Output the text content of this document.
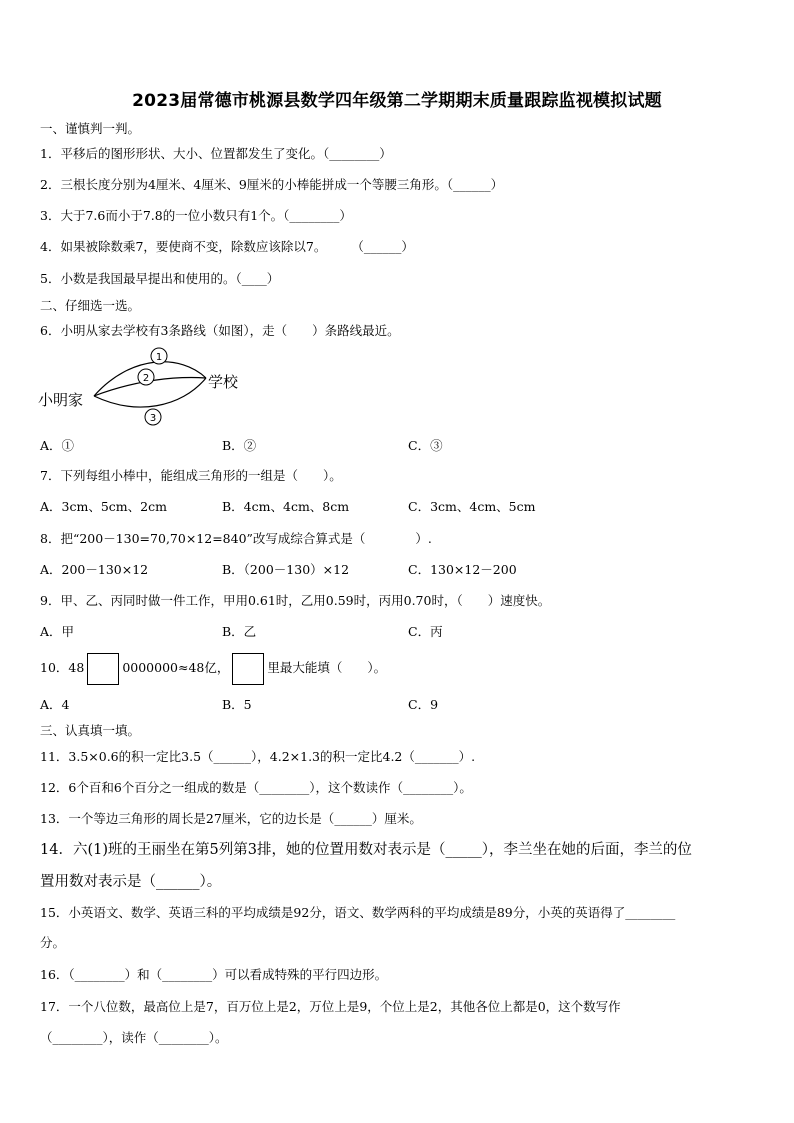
2023届常德市桃源县数学四年级第二学期期末质量跟踪监视模拟试题
一、谨慎判一判。
1．平移后的图形形状、大小、位置都发生了变化。（________）
2．三根长度分别为4厘米、4厘米、9厘米的小棒能拼成一个等腰三角形。（______）
3．大于7.6而小于7.8的一位小数只有1个。（________）
4．如果被除数乘7，要使商不变，除数应该除以7。　　　（______）
5．小数是我国最早提出和使用的。（____）
二、仔细选一选。
6．小明从家去学校有3条路线（如图），走（　　）条路线最近。
1
2
3
小明家
学校
A．①	B．②	C．③
7．下列每组小棒中，能组成三角形的一组是（　　）。
A．3cm、5cm、2cm	B．4cm、4cm、8cm	C．3cm、4cm、5cm
8．把“200－130=70,70×12=840”改写成综合算式是（　　　　）.
A．200－130×12	B．（200－130）×12	C．130×12－200
9．甲、乙、丙同时做一件工作，甲用0.61时，乙用0.59时，丙用0.70时，（　　）速度快。
A．甲	B．乙	C．丙
10．48	0000000≈48亿，	里最大能填（　　）。
A．4	B．5	C．9
三、认真填一填。
11．3.5×0.6的积一定比3.5（______），4.2×1.3的积一定比4.2（_______）.
12．6个百和6个百分之一组成的数是（________），这个数读作（________）。
13．一个等边三角形的周长是27厘米，它的边长是（______）厘米。
14．六(1)班的王丽坐在第5列第3排，她的位置用数对表示是（_____），李兰坐在她的后面，李兰的位
置用数对表示是（______）。
15．小英语文、数学、英语三科的平均成绩是92分，语文、数学两科的平均成绩是89分，小英的英语得了________
分。
16．（________）和（________）可以看成特殊的平行四边形。
17．一个八位数，最高位上是7，百万位上是2，万位上是9，个位上是2，其他各位上都是0，这个数写作
（________），读作（________）。
